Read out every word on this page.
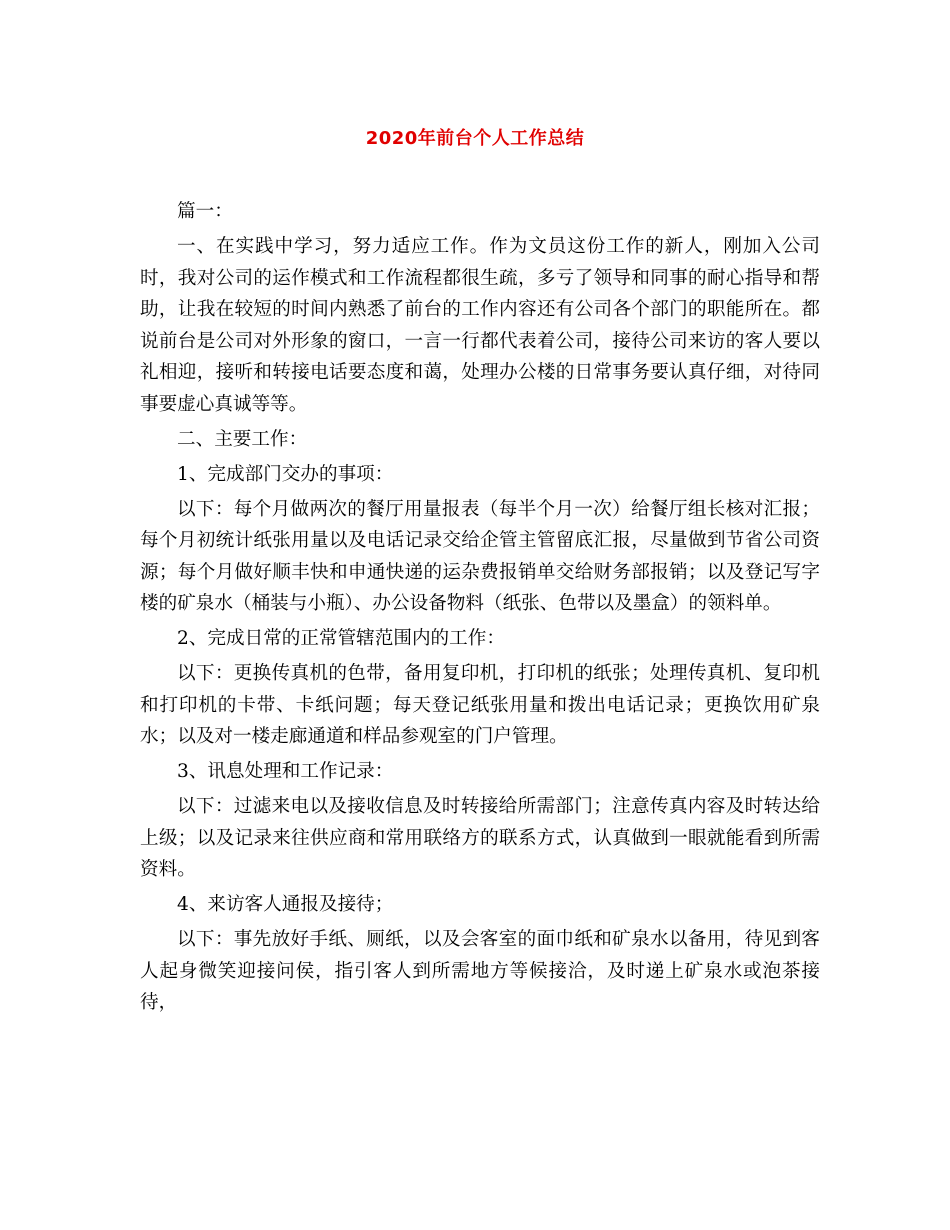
2020年前台个人工作总结

篇一：

一、在实践中学习，努力适应工作。作为文员这份工作的新人，刚加入公司时，我对公司的运作模式和工作流程都很生疏，多亏了领导和同事的耐心指导和帮助，让我在较短的时间内熟悉了前台的工作内容还有公司各个部门的职能所在。都说前台是公司对外形象的窗口，一言一行都代表着公司，接待公司来访的客人要以礼相迎，接听和转接电话要态度和蔼，处理办公楼的日常事务要认真仔细，对待同事要虚心真诚等等。

二、主要工作：

1、完成部门交办的事项：

以下：每个月做两次的餐厅用量报表（每半个月一次）给餐厅组长核对汇报；每个月初统计纸张用量以及电话记录交给企管主管留底汇报，尽量做到节省公司资源；每个月做好顺丰快和申通快递的运杂费报销单交给财务部报销；以及登记写字楼的矿泉水（桶装与小瓶）、办公设备物料（纸张、色带以及墨盒）的领料单。

2、完成日常的正常管辖范围内的工作：

以下：更换传真机的色带，备用复印机，打印机的纸张；处理传真机、复印机和打印机的卡带、卡纸问题；每天登记纸张用量和拨出电话记录；更换饮用矿泉水；以及对一楼走廊通道和样品参观室的门户管理。

3、讯息处理和工作记录：

以下：过滤来电以及接收信息及时转接给所需部门；注意传真内容及时转达给上级；以及记录来往供应商和常用联络方的联系方式，认真做到一眼就能看到所需资料。

4、来访客人通报及接待；

以下：事先放好手纸、厕纸，以及会客室的面巾纸和矿泉水以备用，待见到客人起身微笑迎接问侯，指引客人到所需地方等候接洽，及时递上矿泉水或泡茶接待，
